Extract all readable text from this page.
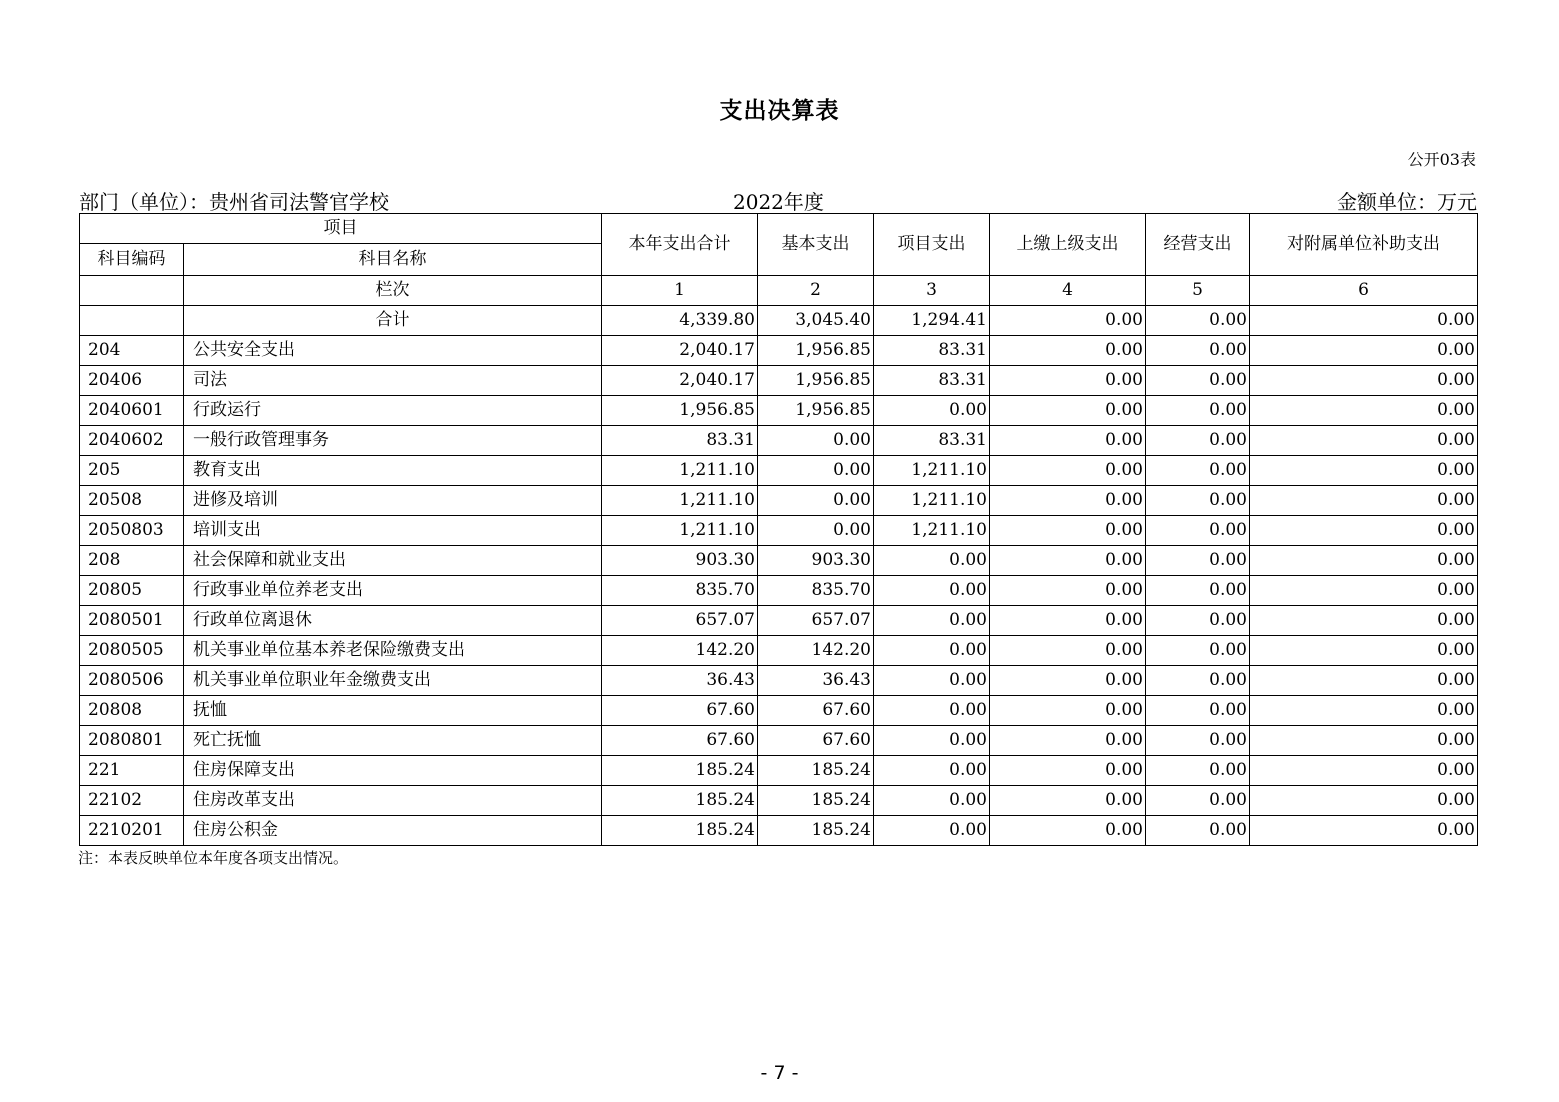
支出决算表
公开03表
部门（单位）：贵州省司法警官学校	2022年度	金额单位：万元
项目		本年支出合计	基本支出	项目支出	上缴上级支出	经营支出	对附属单位补助支出
科目编码	科目名称						
	栏次	1	2	3	4	5	6
	合计	4,339.80	3,045.40	1,294.41	0.00	0.00	0.00
204	公共安全支出	2,040.17	1,956.85	83.31	0.00	0.00	0.00
20406	司法	2,040.17	1,956.85	83.31	0.00	0.00	0.00
2040601	行政运行	1,956.85	1,956.85	0.00	0.00	0.00	0.00
2040602	一般行政管理事务	83.31	0.00	83.31	0.00	0.00	0.00
205	教育支出	1,211.10	0.00	1,211.10	0.00	0.00	0.00
20508	进修及培训	1,211.10	0.00	1,211.10	0.00	0.00	0.00
2050803	培训支出	1,211.10	0.00	1,211.10	0.00	0.00	0.00
208	社会保障和就业支出	903.30	903.30	0.00	0.00	0.00	0.00
20805	行政事业单位养老支出	835.70	835.70	0.00	0.00	0.00	0.00
2080501	行政单位离退休	657.07	657.07	0.00	0.00	0.00	0.00
2080505	机关事业单位基本养老保险缴费支出	142.20	142.20	0.00	0.00	0.00	0.00
2080506	机关事业单位职业年金缴费支出	36.43	36.43	0.00	0.00	0.00	0.00
20808	抚恤	67.60	67.60	0.00	0.00	0.00	0.00
2080801	死亡抚恤	67.60	67.60	0.00	0.00	0.00	0.00
221	住房保障支出	185.24	185.24	0.00	0.00	0.00	0.00
22102	住房改革支出	185.24	185.24	0.00	0.00	0.00	0.00
2210201	住房公积金	185.24	185.24	0.00	0.00	0.00	0.00
注：本表反映单位本年度各项支出情况。
- 7 -
